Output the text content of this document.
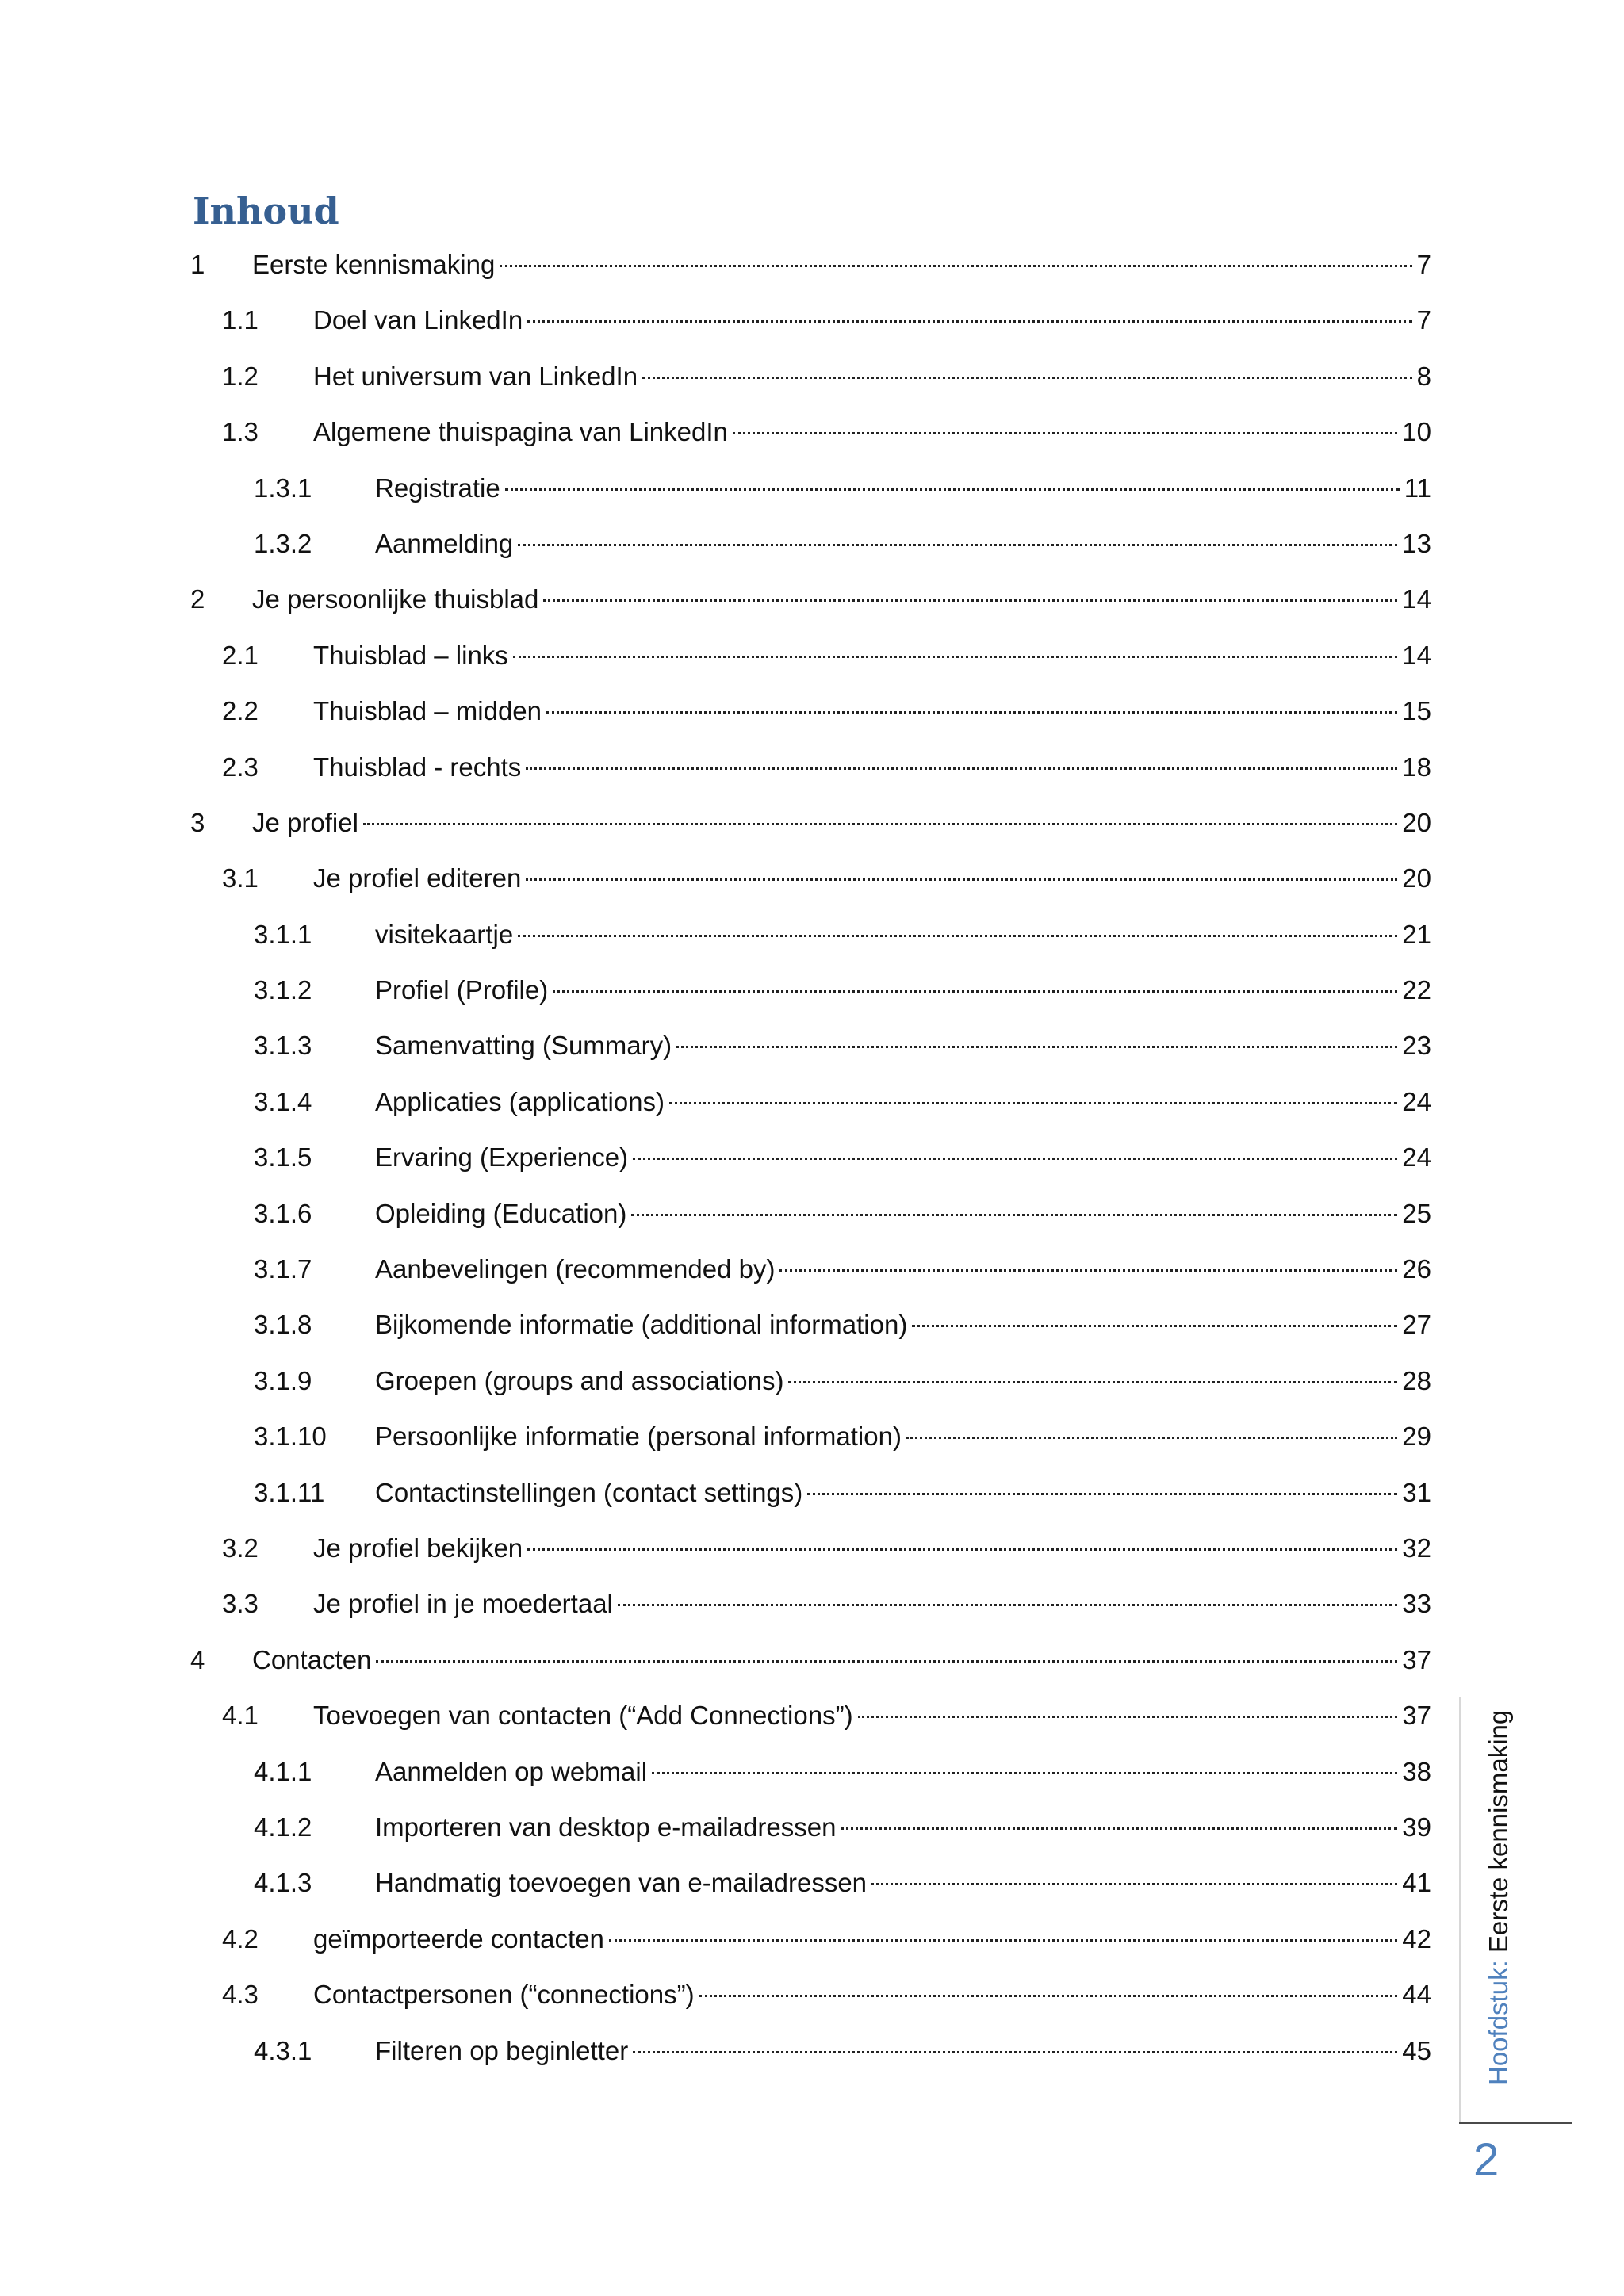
Inhoud
1 Eerste kennismaking	7
1.1 Doel van LinkedIn	7
1.2 Het universum van LinkedIn	8
1.3 Algemene thuispagina van LinkedIn	10
1.3.1 Registratie	11
1.3.2 Aanmelding	13
2 Je persoonlijke thuisblad	14
2.1 Thuisblad – links	14
2.2 Thuisblad – midden	15
2.3 Thuisblad - rechts	18
3 Je profiel	20
3.1 Je profiel editeren	20
3.1.1 visitekaartje	21
3.1.2 Profiel (Profile)	22
3.1.3 Samenvatting (Summary)	23
3.1.4 Applicaties (applications)	24
3.1.5 Ervaring (Experience)	24
3.1.6 Opleiding (Education)	25
3.1.7 Aanbevelingen (recommended by)	26
3.1.8 Bijkomende informatie (additional information)	27
3.1.9 Groepen (groups and associations)	28
3.1.10 Persoonlijke informatie (personal information)	29
3.1.11 Contactinstellingen (contact settings)	31
3.2 Je profiel bekijken	32
3.3 Je profiel in je moedertaal	33
4 Contacten	37
4.1 Toevoegen van contacten (“Add Connections”)	37
4.1.1 Aanmelden op webmail	38
4.1.2 Importeren van desktop e-mailadressen	39
4.1.3 Handmatig toevoegen van e-mailadressen	41
4.2 geïmporteerde contacten	42
4.3 Contactpersonen (“connections”)	44
4.3.1 Filteren op beginletter	45 Hoofdstuk: Eerste kennismaking
2
